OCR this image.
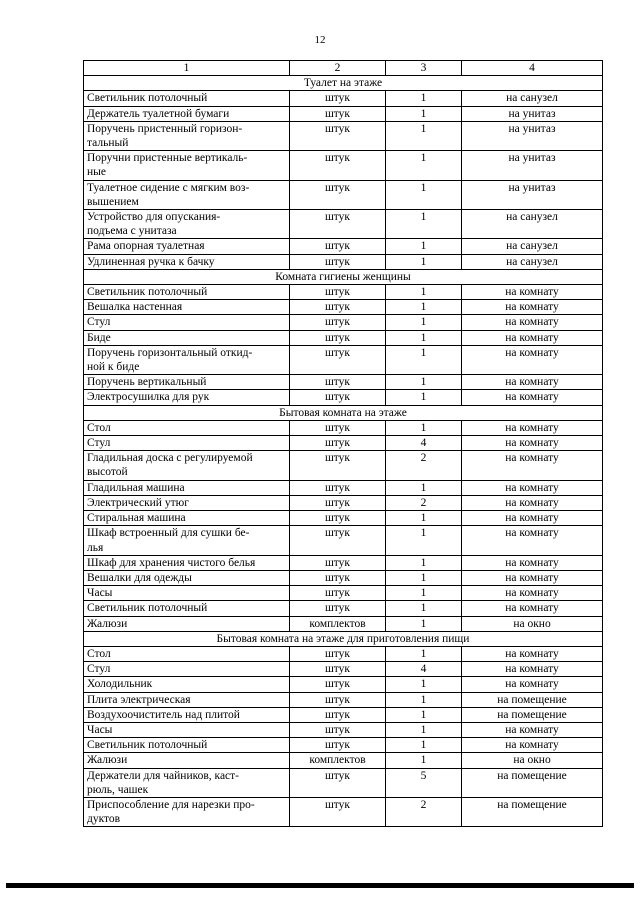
12
1	2	3	4
Туалет на этаже			
Светильник потолочный	штук	1	на санузел
Держатель туалетной бумаги	штук	1	на унитаз
Поручень пристенный горизон-
тальный	штук	1	на унитаз
Поручни пристенные вертикаль-
ные	штук	1	на унитаз
Туалетное сидение с мягким воз-
вышением	штук	1	на унитаз
Устройство для опускания-
подъема с унитаза	штук	1	на санузел
Рама опорная туалетная	штук	1	на санузел
Удлиненная ручка к бачку	штук	1	на санузел
Комната гигиены женщины			
Светильник потолочный	штук	1	на комнату
Вешалка настенная	штук	1	на комнату
Стул	штук	1	на комнату
Биде	штук	1	на комнату
Поручень горизонтальный откид-
ной к биде	штук	1	на комнату
Поручень вертикальный	штук	1	на комнату
Электросушилка для рук	штук	1	на комнату
Бытовая комната на этаже			
Стол	штук	1	на комнату
Стул	штук	4	на комнату
Гладильная доска с регулируемой
высотой	штук	2	на комнату
Гладильная машина	штук	1	на комнату
Электрический утюг	штук	2	на комнату
Стиральная машина	штук	1	на комнату
Шкаф встроенный для сушки бе-
лья	штук	1	на комнату
Шкаф для хранения чистого белья	штук	1	на комнату
Вешалки для одежды	штук	1	на комнату
Часы	штук	1	на комнату
Светильник потолочный	штук	1	на комнату
Жалюзи	комплектов	1	на окно
Бытовая комната на этаже для приготовления пищи			
Стол	штук	1	на комнату
Стул	штук	4	на комнату
Холодильник	штук	1	на комнату
Плита электрическая	штук	1	на помещение
Воздухоочиститель над плитой	штук	1	на помещение
Часы	штук	1	на комнату
Светильник потолочный	штук	1	на комнату
Жалюзи	комплектов	1	на окно
Держатели для чайников, каст-
рюль, чашек	штук	5	на помещение
Приспособление для нарезки про-
дуктов	штук	2	на помещение
